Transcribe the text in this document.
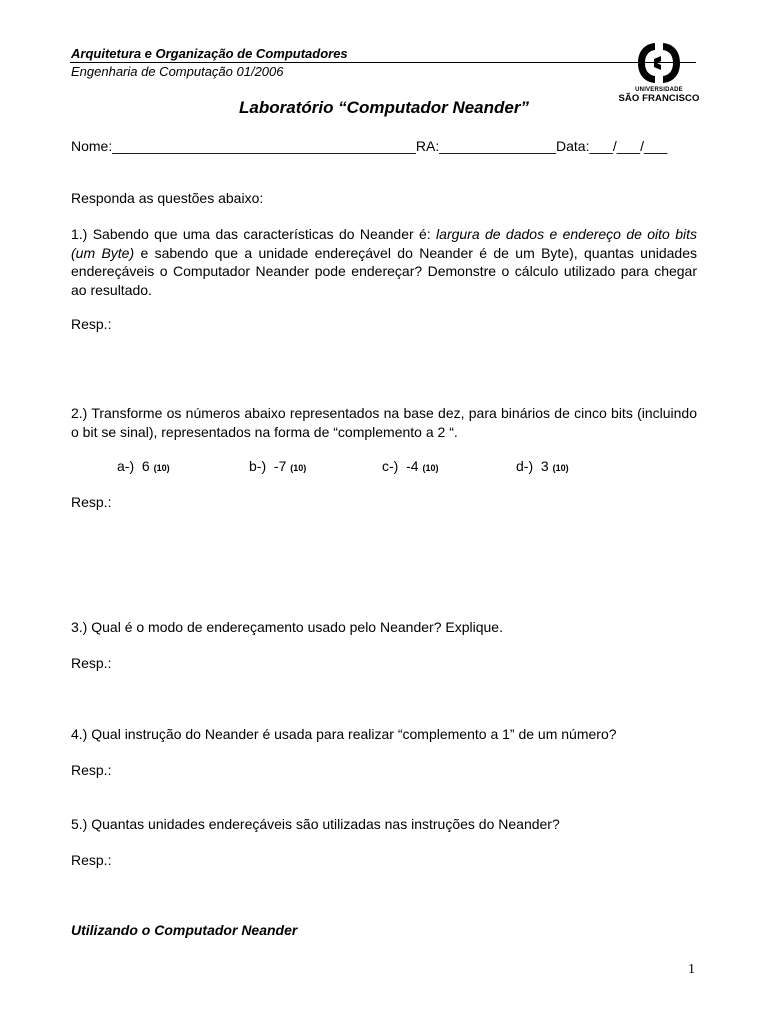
Arquitetura e Organização de Computadores
Engenharia de Computação 01/2006
UNIVERSIDADE
SÃO FRANCISCO
Laboratório “Computador Neander”
Nome:_______________________________________RA:_______________Data:___/___/___
Responda as questões abaixo:
1.) Sabendo que uma das características do Neander é: largura de dados e endereço de oito bits (um Byte) e sabendo que a unidade endereçável do Neander é de um Byte), quantas unidades endereçáveis o Computador Neander pode endereçar? Demonstre o cálculo utilizado para chegar ao resultado.
Resp.:
2.) Transforme os números abaixo representados na base dez, para binários de cinco bits (incluindo o bit se sinal), representados na forma de “complemento a 2 “.
a-) 6 (10)	b-) -7 (10)	c-) -4 (10)	d-) 3 (10)
Resp.:
3.) Qual é o modo de endereçamento usado pelo Neander? Explique.
Resp.:
4.) Qual instrução do Neander é usada para realizar “complemento a 1” de um número?
Resp.:
5.) Quantas unidades endereçáveis são utilizadas nas instruções do Neander?
Resp.:
Utilizando o Computador Neander
1
